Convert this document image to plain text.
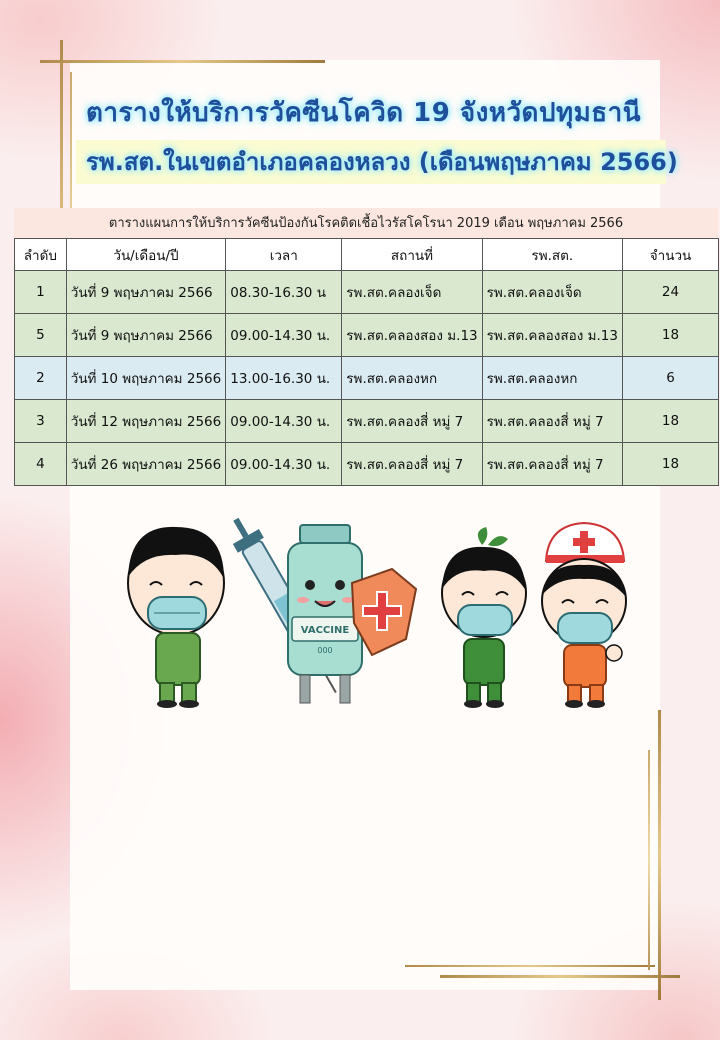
ตารางให้บริการวัคซีนโควิด 19 จังหวัดปทุมธานี
รพ.สต.ในเขตอำเภอคลองหลวง (เดือนพฤษภาคม 2566)
ตารางแผนการให้บริการวัคซีนป้องกันโรคติดเชื้อไวรัสโคโรนา 2019 เดือน พฤษภาคม 2566
ลำดับ	วัน/เดือน/ปี	เวลา	สถานที่	รพ.สต.	จำนวน
1	วันที่ 9 พฤษภาคม 2566	08.30-16.30 น	รพ.สต.คลองเจ็ด	รพ.สต.คลองเจ็ด	24
5	วันที่ 9 พฤษภาคม 2566	09.00-14.30 น.	รพ.สต.คลองสอง ม.13	รพ.สต.คลองสอง ม.13	18
2	วันที่ 10 พฤษภาคม 2566	13.00-16.30 น.	รพ.สต.คลองหก	รพ.สต.คลองหก	6
3	วันที่ 12 พฤษภาคม 2566	09.00-14.30 น.	รพ.สต.คลองสี่ หมู่ 7	รพ.สต.คลองสี่ หมู่ 7	18
4	วันที่ 26 พฤษภาคม 2566	09.00-14.30 น.	รพ.สต.คลองสี่ หมู่ 7	รพ.สต.คลองสี่ หมู่ 7	18
VACCINE
000
